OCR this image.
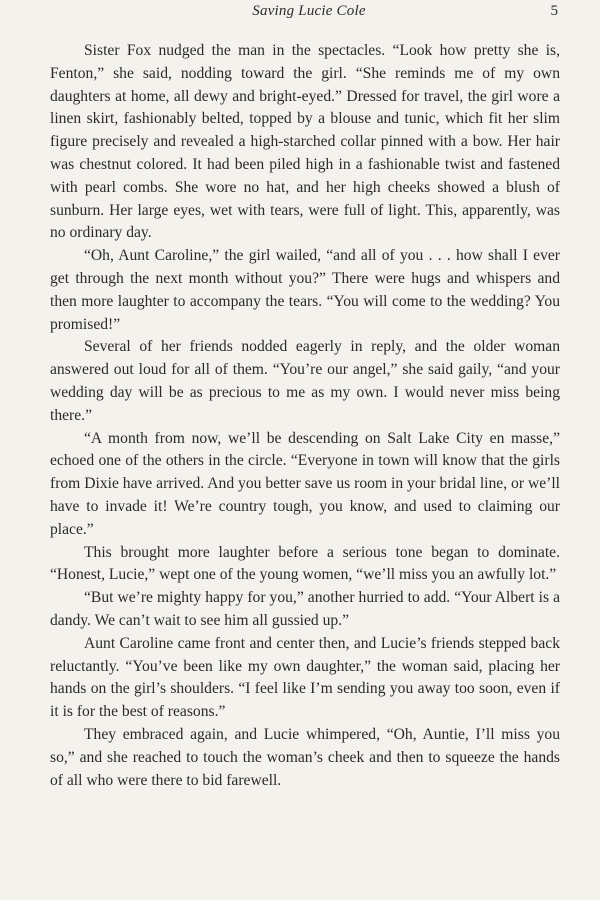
Saving Lucie Cole	5

Sister Fox nudged the man in the spectacles. “Look how pretty she is, Fenton,” she said, nodding toward the girl. “She reminds me of my own daughters at home, all dewy and bright-eyed.” Dressed for travel, the girl wore a linen skirt, fashionably belted, topped by a blouse and tunic, which fit her slim figure precisely and revealed a high-starched collar pinned with a bow. Her hair was chestnut colored. It had been piled high in a fashionable twist and fastened with pearl combs. She wore no hat, and her high cheeks showed a blush of sunburn. Her large eyes, wet with tears, were full of light. This, apparently, was no ordinary day.

“Oh, Aunt Caroline,” the girl wailed, “and all of you . . . how shall I ever get through the next month without you?” There were hugs and whispers and then more laughter to accompany the tears. “You will come to the wedding? You promised!”

Several of her friends nodded eagerly in reply, and the older woman answered out loud for all of them. “You’re our angel,” she said gaily, “and your wedding day will be as precious to me as my own. I would never miss being there.”

“A month from now, we’ll be descending on Salt Lake City en masse,” echoed one of the others in the circle. “Everyone in town will know that the girls from Dixie have arrived. And you better save us room in your bridal line, or we’ll have to invade it! We’re country tough, you know, and used to claiming our place.”

This brought more laughter before a serious tone began to dominate. “Honest, Lucie,” wept one of the young women, “we’ll miss you an awfully lot.”

“But we’re mighty happy for you,” another hurried to add. “Your Albert is a dandy. We can’t wait to see him all gussied up.”

Aunt Caroline came front and center then, and Lucie’s friends stepped back reluctantly. “You’ve been like my own daughter,” the woman said, placing her hands on the girl’s shoulders. “I feel like I’m sending you away too soon, even if it is for the best of reasons.”

They embraced again, and Lucie whimpered, “Oh, Auntie, I’ll miss you so,” and she reached to touch the woman’s cheek and then to squeeze the hands of all who were there to bid farewell.
